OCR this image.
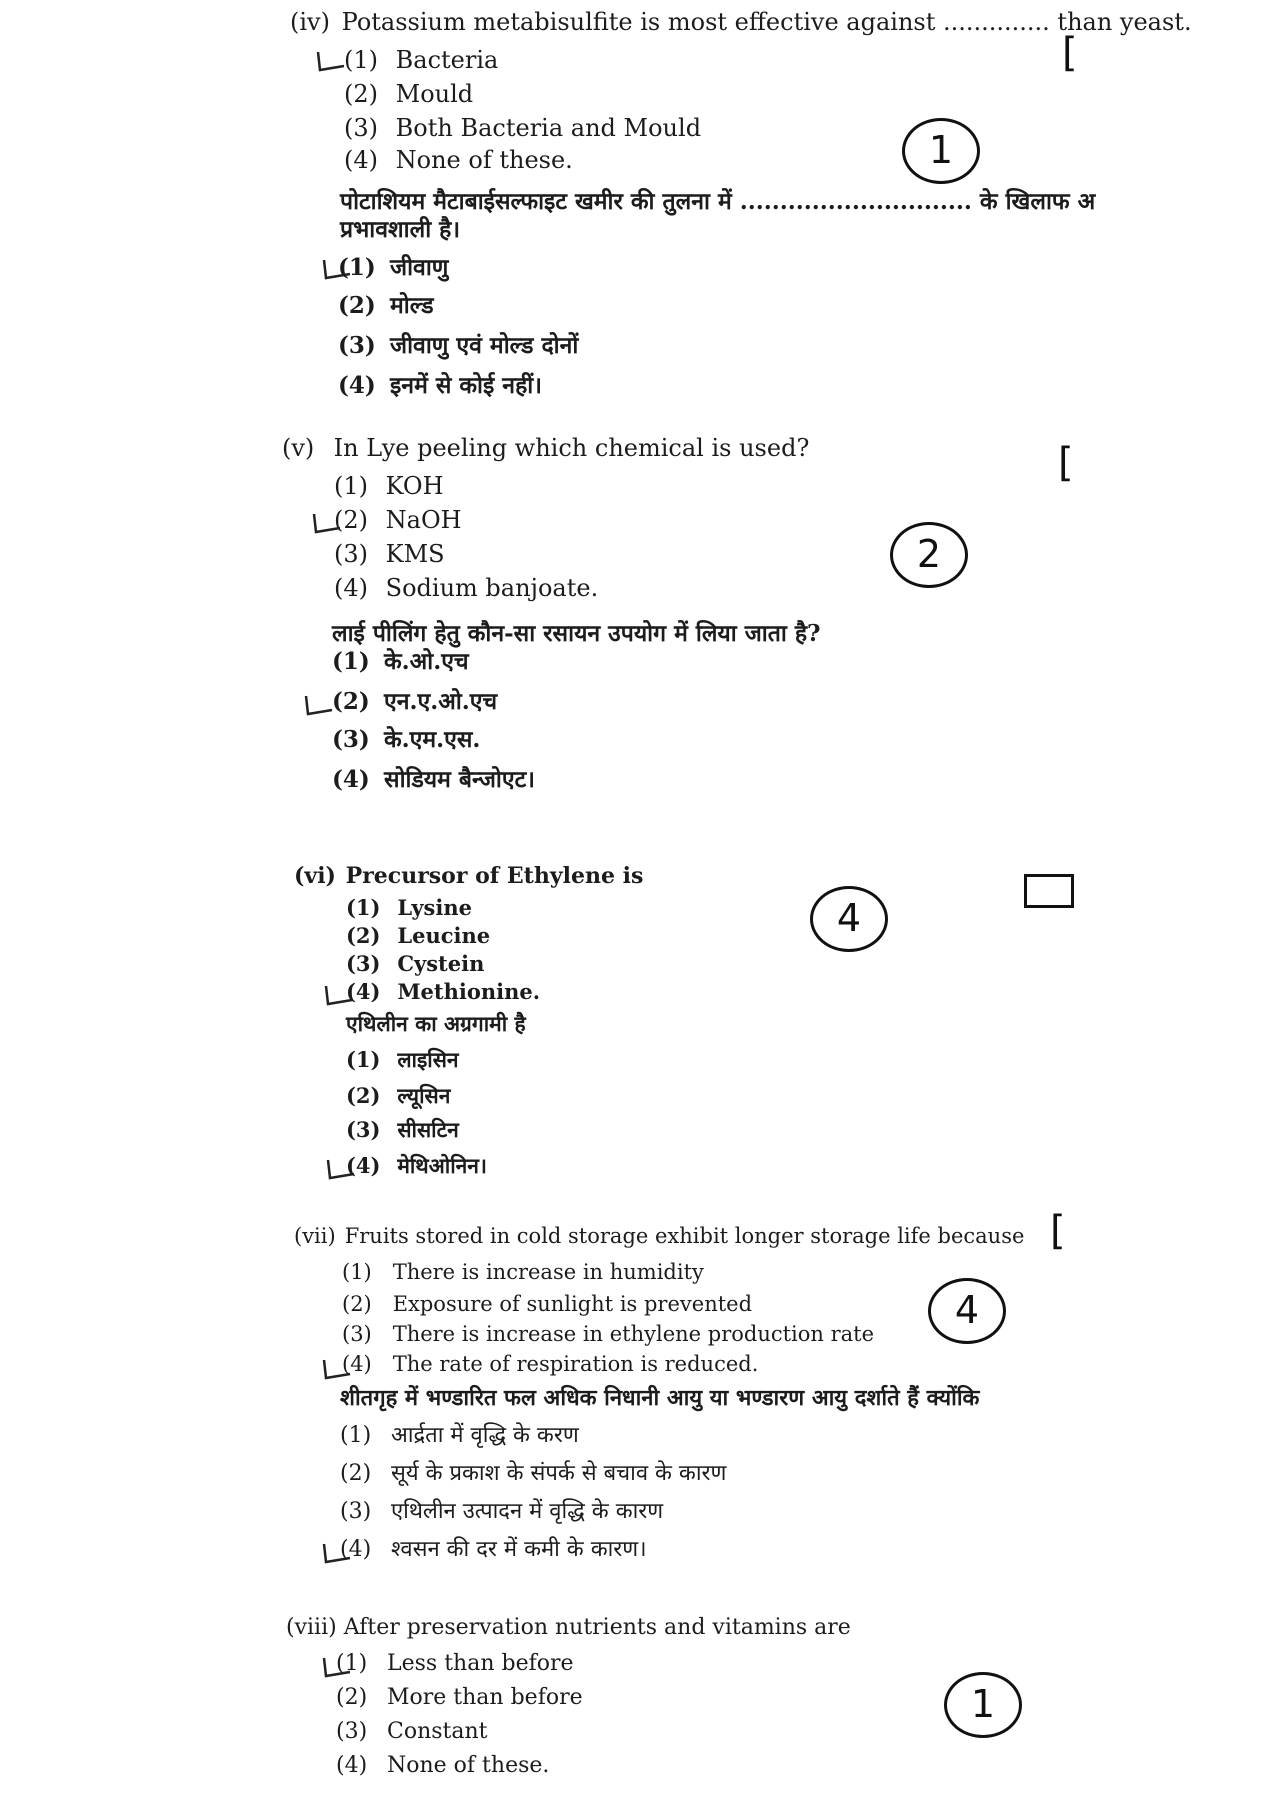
(iv) Potassium metabisulfite is most effective against .............. than yeast.
[
(1) Bacteria
(2) Mould
(3) Both Bacteria and Mould
(4) None of these.	1
पोटाशियम मैटाबाईसल्फाइट खमीर की तुलना में ............................. के खिलाफ अ
प्रभावशाली है।
(1) जीवाणु
(2) मोल्ड
(3) जीवाणु एवं मोल्ड दोनों
(4) इनमें से कोई नहीं।
(v) In Lye peeling which chemical is used?	[
(1) KOH
(2) NaOH
(3) KMS
(4) Sodium banjoate.
2
लाई पीलिंग हेतु कौन-सा रसायन उपयोग में लिया जाता है?
(1) के.ओ.एच
(2) एन.ए.ओ.एच
(3) के.एम.एस.
(4) सोडियम बैन्जोएट।
(vi) Precursor of Ethylene is
(1) Lysine
(2) Leucine
(3) Cystein
(4) Methionine.
4
एथिलीन का अग्रगामी है
(1) लाइसिन
(2) ल्यूसिन
(3) सीसटिन
(4) मेथिओनिन।
(vii) Fruits stored in cold storage exhibit longer storage life because [
(1) There is increase in humidity
(2) Exposure of sunlight is prevented
(3) There is increase in ethylene production rate
(4) The rate of respiration is reduced.
4
शीतगृह में भण्डारित फल अधिक निधानी आयु या भण्डारण आयु दर्शाते हैं क्योंकि
(1) आर्द्रता में वृद्धि के करण
(2) सूर्य के प्रकाश के संपर्क से बचाव के कारण
(3) एथिलीन उत्पादन में वृद्धि के कारण
(4) श्वसन की दर में कमी के कारण।
(viii) After preservation nutrients and vitamins are
(1) Less than before
(2) More than before
(3) Constant
(4) None of these.
1
